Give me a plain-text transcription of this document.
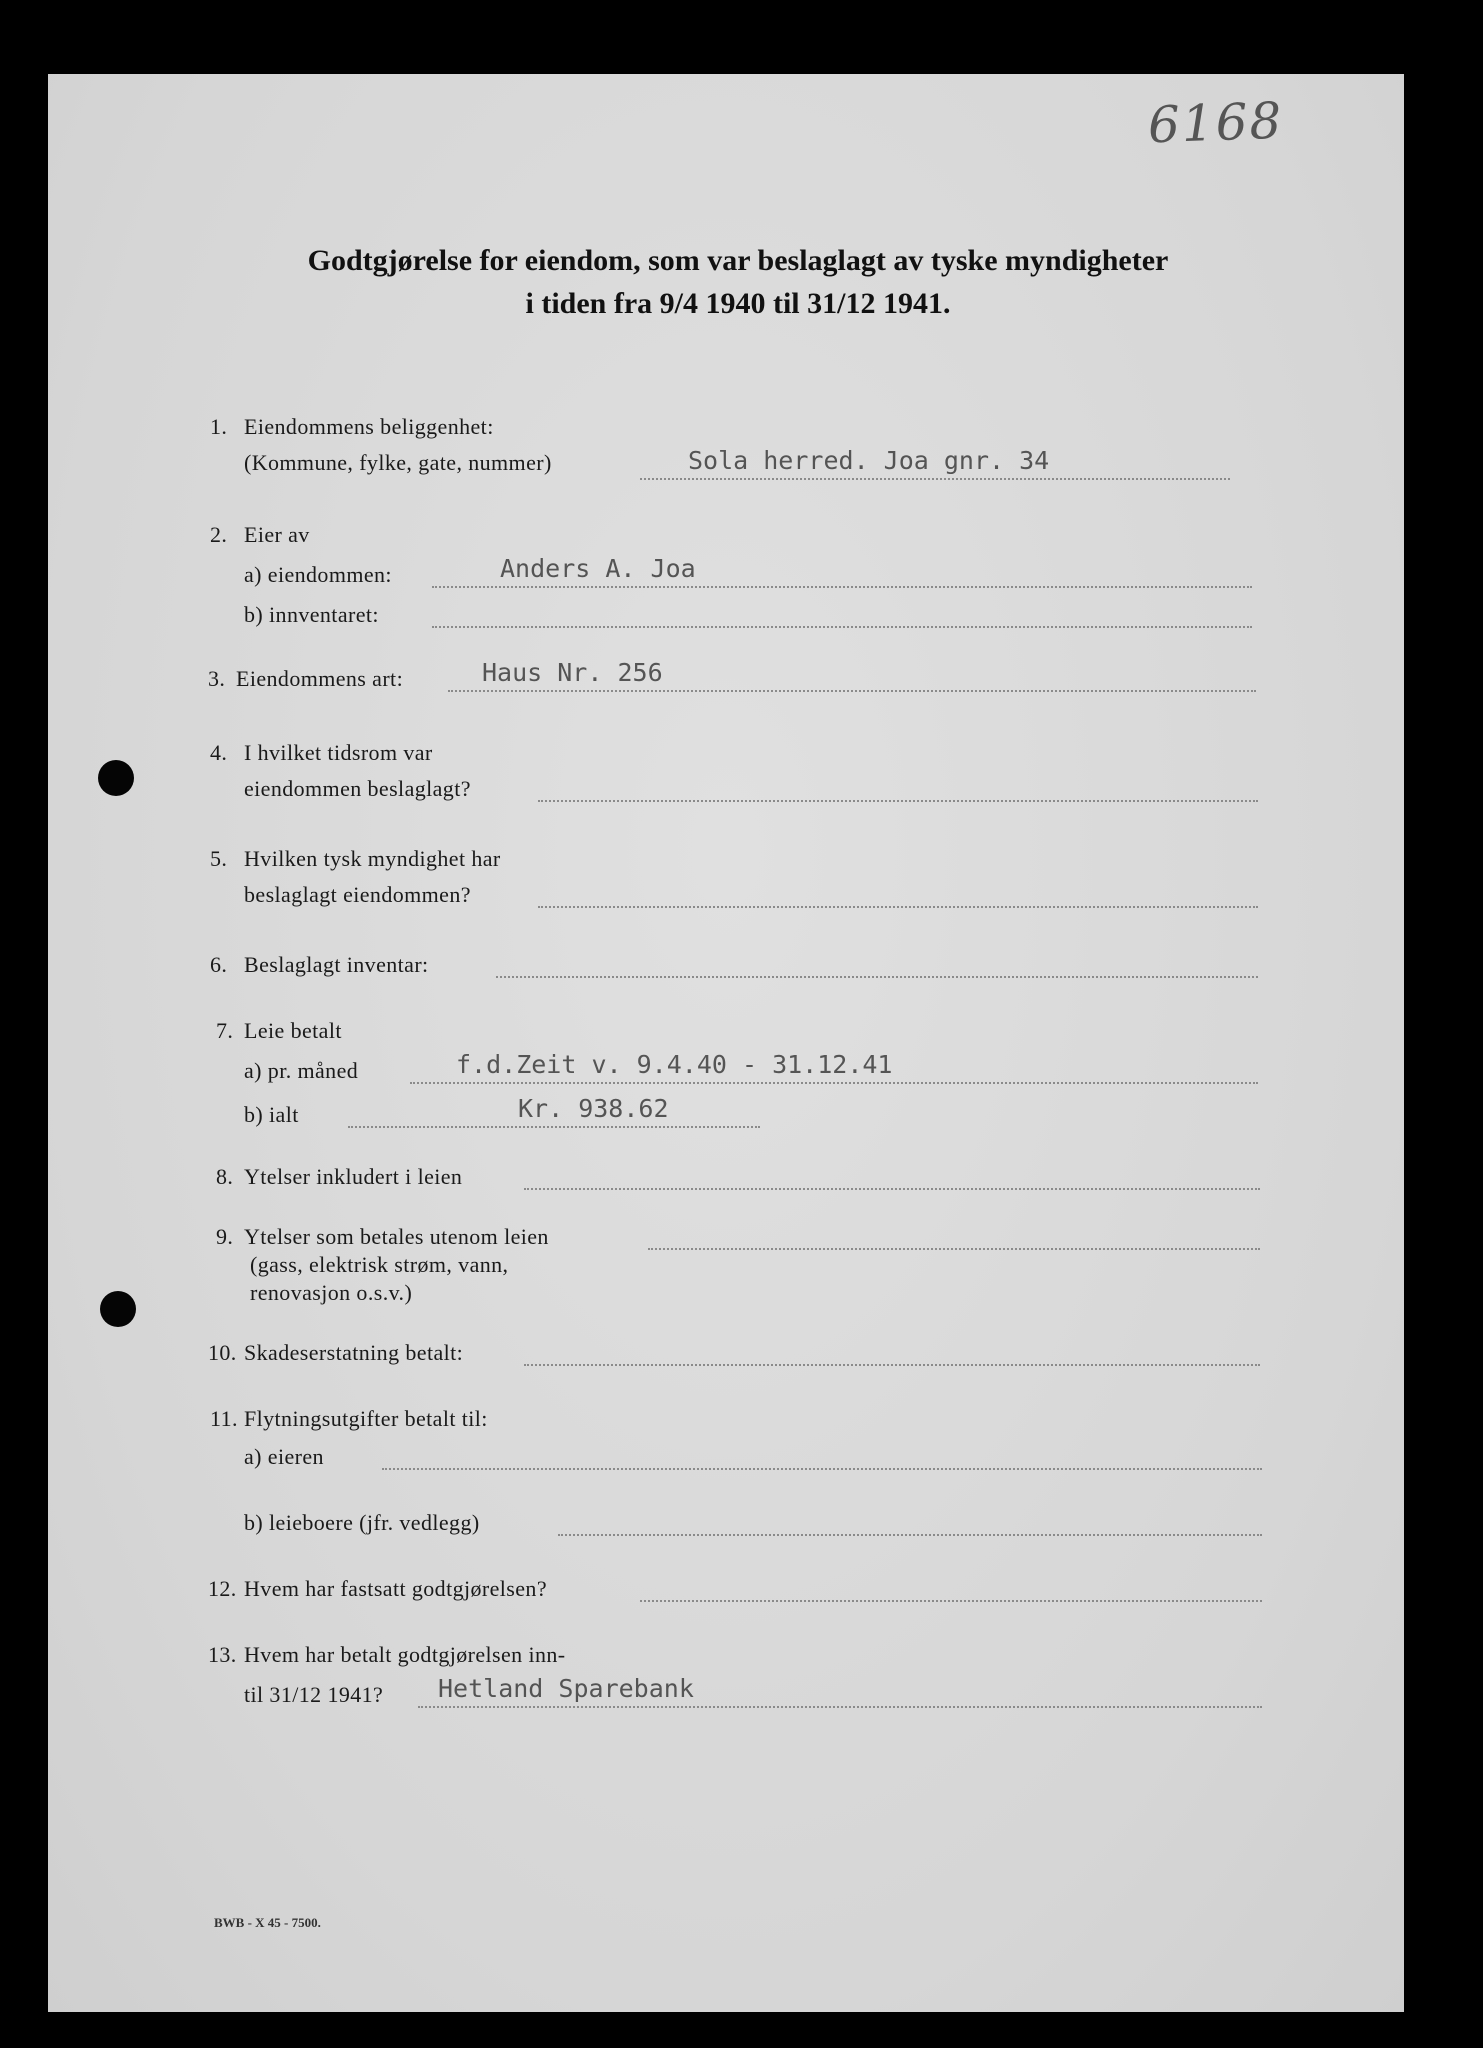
6168
Godtgjørelse for eiendom, som var beslaglagt av tyske myndigheter
i tiden fra 9/4 1940 til 31/12 1941.
1. Eiendommens beliggenhet:
(Kommune, fylke, gate, nummer)	Sola herred. Joa gnr. 34
2. Eier av
a) eiendommen:	Anders A. Joa
b) innventaret:
3. Eiendommens art:	Haus Nr. 256
4. I hvilket tidsrom var
eiendommen beslaglagt?
5. Hvilken tysk myndighet har
beslaglagt eiendommen?
6. Beslaglagt inventar:
7. Leie betalt
a) pr. måned	f.d.Zeit v. 9.4.40 - 31.12.41
b) ialt	Kr. 938.62
8. Ytelser inkludert i leien
9. Ytelser som betales utenom leien
(gass, elektrisk strøm, vann,
renovasjon o.s.v.)
10. Skadeserstatning betalt:
11. Flytningsutgifter betalt til:
a) eieren
b) leieboere (jfr. vedlegg)
12. Hvem har fastsatt godtgjørelsen?
13. Hvem har betalt godtgjørelsen inn-
til 31/12 1941? Hetland Sparebank
BWB - X 45 - 7500.
